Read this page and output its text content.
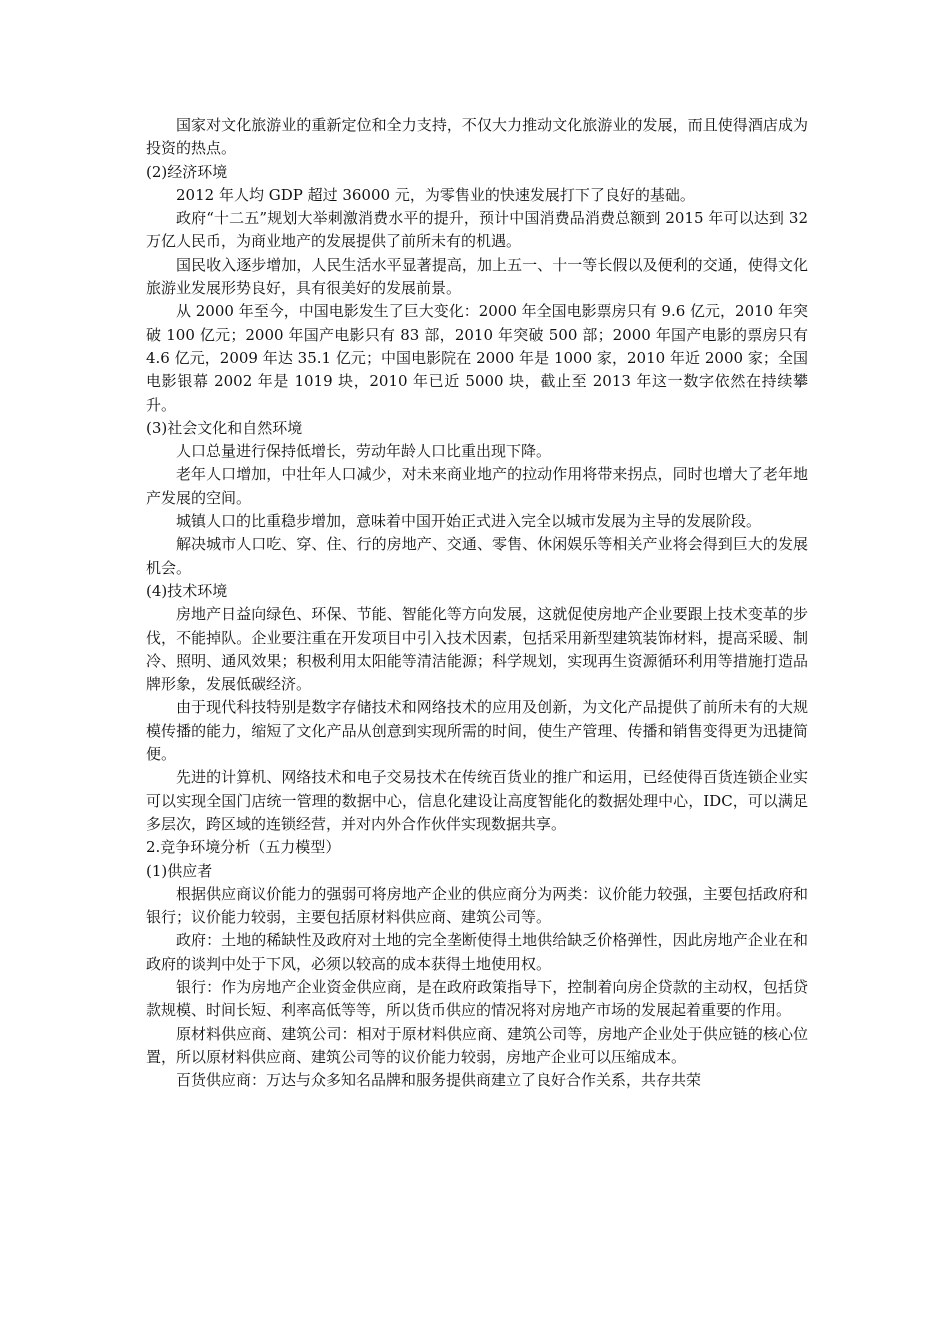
国家对文化旅游业的重新定位和全力支持，不仅大力推动文化旅游业的发展，而且使得酒店成为投资的热点。

(2)经济环境

2012 年人均 GDP 超过 36000 元，为零售业的快速发展打下了良好的基础。

政府“十二五”规划大举刺激消费水平的提升，预计中国消费品消费总额到 2015 年可以达到 32 万亿人民币，为商业地产的发展提供了前所未有的机遇。

国民收入逐步增加，人民生活水平显著提高，加上五一、十一等长假以及便利的交通，使得文化旅游业发展形势良好，具有很美好的发展前景。

从 2000 年至今，中国电影发生了巨大变化：2000 年全国电影票房只有 9.6 亿元，2010 年突破 100 亿元；2000 年国产电影只有 83 部，2010 年突破 500 部；2000 年国产电影的票房只有 4.6 亿元，2009 年达 35.1 亿元；中国电影院在 2000 年是 1000 家，2010 年近 2000 家；全国电影银幕 2002 年是 1019 块，2010 年已近 5000 块，截止至 2013 年这一数字依然在持续攀升。

(3)社会文化和自然环境

人口总量进行保持低增长，劳动年龄人口比重出现下降。

老年人口增加，中壮年人口减少，对未来商业地产的拉动作用将带来拐点，同时也增大了老年地产发展的空间。

城镇人口的比重稳步增加，意味着中国开始正式进入完全以城市发展为主导的发展阶段。

解决城市人口吃、穿、住、行的房地产、交通、零售、休闲娱乐等相关产业将会得到巨大的发展机会。

(4)技术环境

房地产日益向绿色、环保、节能、智能化等方向发展，这就促使房地产企业要跟上技术变革的步伐，不能掉队。企业要注重在开发项目中引入技术因素，包括采用新型建筑装饰材料，提高采暖、制冷、照明、通风效果；积极利用太阳能等清洁能源；科学规划，实现再生资源循环利用等措施打造品牌形象，发展低碳经济。

由于现代科技特别是数字存储技术和网络技术的应用及创新，为文化产品提供了前所未有的大规模传播的能力，缩短了文化产品从创意到实现所需的时间，使生产管理、传播和销售变得更为迅捷简便。

先进的计算机、网络技术和电子交易技术在传统百货业的推广和运用，已经使得百货连锁企业实可以实现全国门店统一管理的数据中心，信息化建设让高度智能化的数据处理中心，IDC，可以满足多层次，跨区域的连锁经营，并对内外合作伙伴实现数据共享。

2.竞争环境分析（五力模型）

(1)供应者

根据供应商议价能力的强弱可将房地产企业的供应商分为两类：议价能力较强，主要包括政府和银行；议价能力较弱，主要包括原材料供应商、建筑公司等。

政府：土地的稀缺性及政府对土地的完全垄断使得土地供给缺乏价格弹性，因此房地产企业在和政府的谈判中处于下风，必须以较高的成本获得土地使用权。

银行：作为房地产企业资金供应商，是在政府政策指导下，控制着向房企贷款的主动权，包括贷款规模、时间长短、利率高低等等，所以货币供应的情况将对房地产市场的发展起着重要的作用。

原材料供应商、建筑公司：相对于原材料供应商、建筑公司等，房地产企业处于供应链的核心位置，所以原材料供应商、建筑公司等的议价能力较弱，房地产企业可以压缩成本。

百货供应商：万达与众多知名品牌和服务提供商建立了良好合作关系，共存共荣
